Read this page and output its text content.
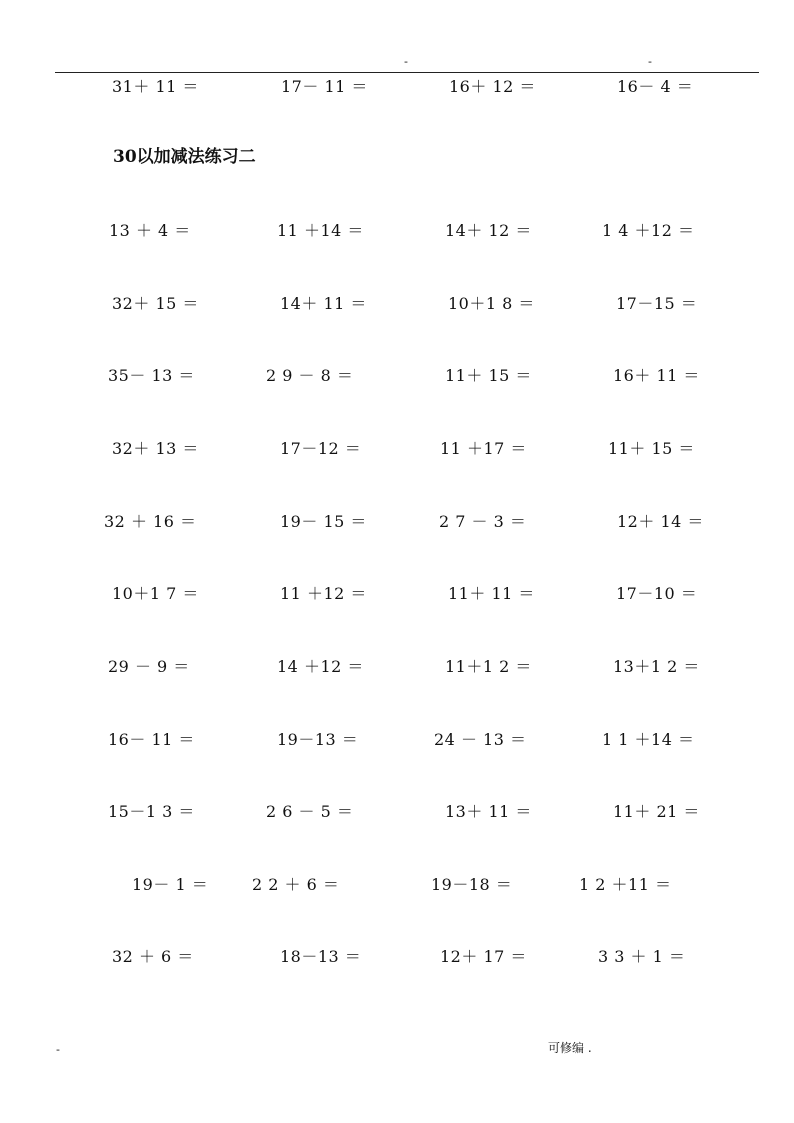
-	-
31＋ 11 ＝	17－ 11 ＝	16＋ 12 ＝	16－ 4 ＝
30以加减法练习二
13 ＋ 4 ＝	11 ＋14 ＝	14＋ 12 ＝	1 4 ＋12 ＝
32＋ 15 ＝	14＋ 11 ＝	10＋1 8 ＝	17－15 ＝
35－ 13 ＝	2 9 － 8 ＝	11＋ 15 ＝	16＋ 11 ＝
32＋ 13 ＝	17－12 ＝	11 ＋17 ＝	11＋ 15 ＝
32 ＋ 16 ＝	19－ 15 ＝	2 7 － 3 ＝	12＋ 14 ＝
10＋1 7 ＝	11 ＋12 ＝	11＋ 11 ＝	17－10 ＝
29 － 9 ＝	14 ＋12 ＝	11＋1 2 ＝	13＋1 2 ＝
16－ 11 ＝	19－13 ＝	24 － 13 ＝	1 1 ＋14 ＝
15－1 3 ＝	2 6 － 5 ＝	13＋ 11 ＝	11＋ 21 ＝
19－ 1 ＝	2 2 ＋ 6 ＝	19－18 ＝	1 2 ＋11 ＝
32 ＋ 6 ＝	18－13 ＝	12＋ 17 ＝	3 3 ＋ 1 ＝
-	可修编 .
